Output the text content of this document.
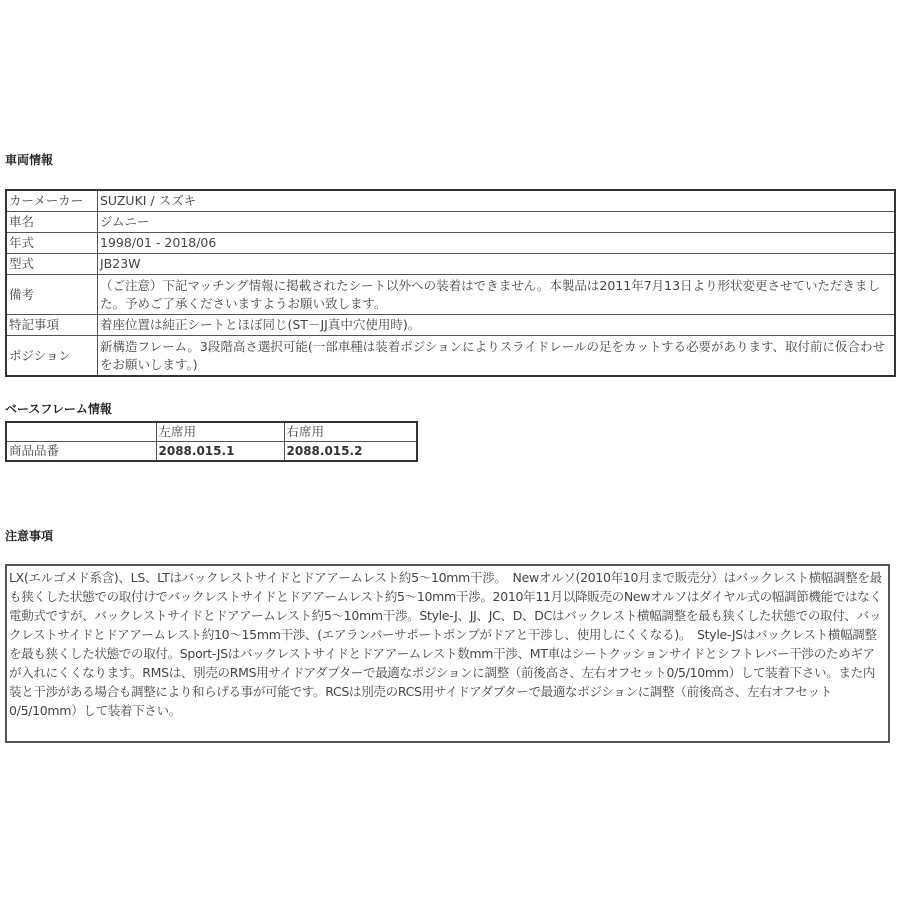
車両情報
カーメーカー	SUZUKI / スズキ
車名	ジムニー
年式	1998/01 - 2018/06
型式	JB23W
備考	（ご注意）下記マッチング情報に掲載されたシート以外への装着はできません。本製品は2011年7月13日より形状変更させていただきました。予めご了承くださいますようお願い致します。
特記事項	着座位置は純正シートとほぼ同じ(ST－JJ真中穴使用時)。
ポジション	新構造フレーム。3段階高さ選択可能(一部車種は装着ポジションによりスライドレールの足をカットする必要があります、取付前に仮合わせをお願いします。)
ベースフレーム情報
	左席用	右席用
商品品番	2088.015.1	2088.015.2
注意事項
LX(エルゴメド系含)、LS、LTはバックレストサイドとドアアームレスト約5～10mm干渉。　Newオルソ(2010年10月まで販売分）はバックレスト横幅調整を最も狭くした状態での取付けでバックレストサイドとドアアームレスト約5～10mm干渉。2010年11月以降販売のNewオルソはダイヤル式の幅調節機能ではなく電動式ですが、バックレストサイドとドアアームレスト約5～10mm干渉。Style-J、JJ、JC、D、DCはバックレスト横幅調整を最も狭くした状態での取付、バックレストサイドとドアアームレスト約10～15mm干渉、(エアランバーサポートポンプがドアと干渉し、使用しにくくなる)。　Style-JSはバックレスト横幅調整を最も狭くした状態での取付。Sport-JSはバックレストサイドとドアアームレスト数mm干渉、MT車はシートクッションサイドとシフトレバー干渉のためギアが入れにくくなります。RMSは、別売のRMS用サイドアダプターで最適なポジションに調整（前後高さ、左右オフセット0/5/10mm）して装着下さい。また内装と干渉がある場合も調整により和らげる事が可能です。RCSは別売のRCS用サイドアダプターで最適なポジションに調整（前後高さ、左右オフセット0/5/10mm）して装着下さい。
